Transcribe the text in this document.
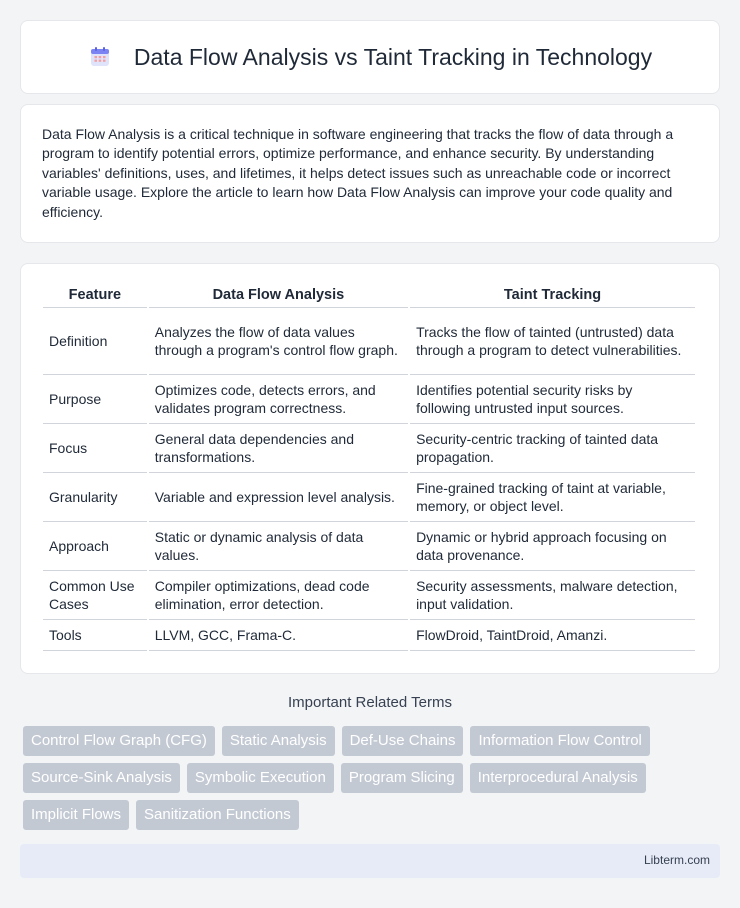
Data Flow Analysis vs Taint Tracking in Technology

Data Flow Analysis is a critical technique in software engineering that tracks the flow of data through a program to identify potential errors, optimize performance, and enhance security. By understanding variables' definitions, uses, and lifetimes, it helps detect issues such as unreachable code or incorrect variable usage. Explore the article to learn how Data Flow Analysis can improve your code quality and efficiency.

Feature	Data Flow Analysis	Taint Tracking
Definition	Analyzes the flow of data values through a program's control flow graph.	Tracks the flow of tainted (untrusted) data through a program to detect vulnerabilities.
Purpose	Optimizes code, detects errors, and validates program correctness.	Identifies potential security risks by following untrusted input sources.
Focus	General data dependencies and transformations.	Security-centric tracking of tainted data propagation.
Granularity	Variable and expression level analysis.	Fine-grained tracking of taint at variable, memory, or object level.
Approach	Static or dynamic analysis of data values.	Dynamic or hybrid approach focusing on data provenance.
Common Use Cases	Compiler optimizations, dead code elimination, error detection.	Security assessments, malware detection, input validation.
Tools	LLVM, GCC, Frama-C.	FlowDroid, TaintDroid, Amanzi.
Important Related Terms
Control Flow Graph (CFG)	Static Analysis	Def-Use Chains	Information Flow Control
Source-Sink Analysis	Symbolic Execution	Program Slicing	Interprocedural Analysis
Implicit Flows	Sanitization Functions
Libterm.com
